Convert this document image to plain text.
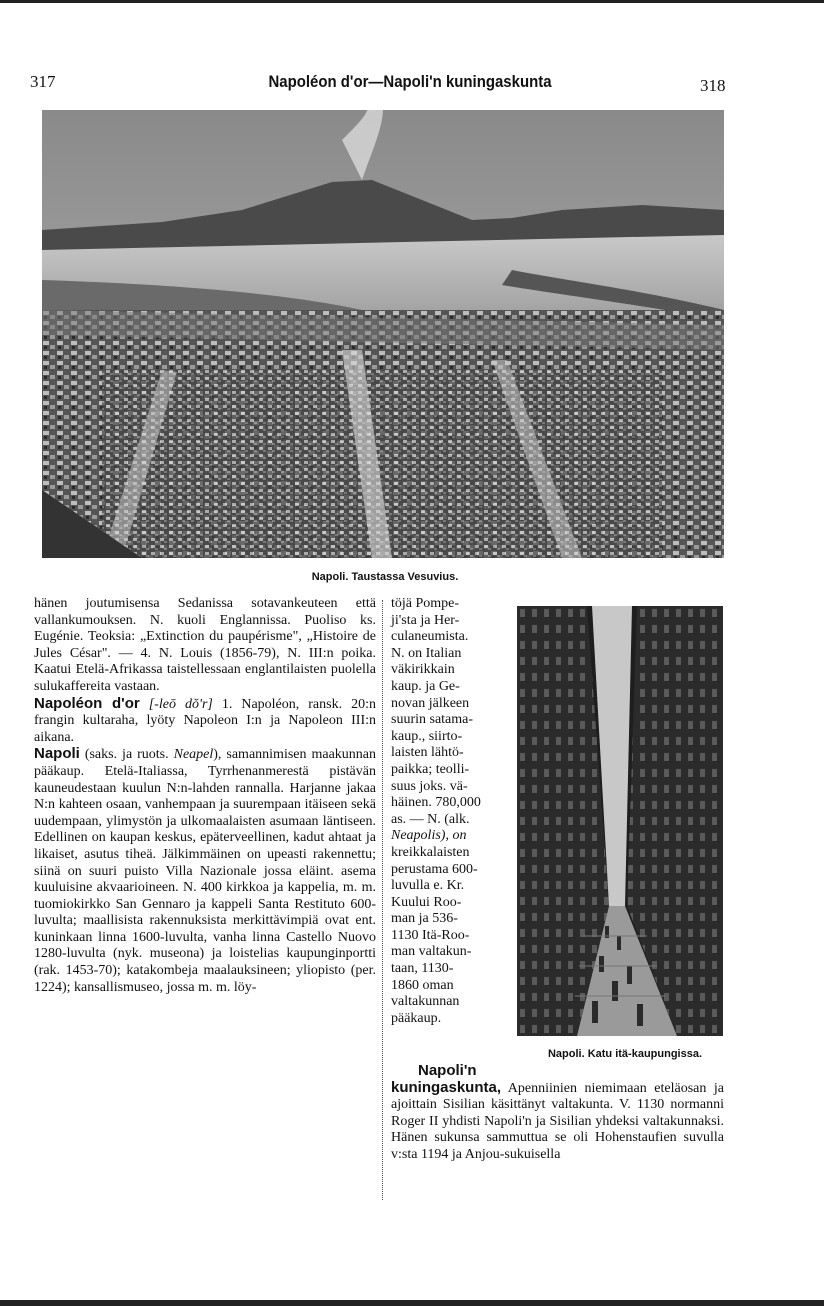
317	Napoléon d'or—Napoli'n kuningaskunta	318
Napoli. Taustassa Vesuvius.

hänen joutumisensa Sedanissa sotavankeuteen että vallankumouksen. N. kuoli Englannissa. Puoliso ks. Eugénie. Teoksia: „Extinction du paupérisme", „Histoire de Jules César". — 4. N. Louis (1856-79), N. III:n poika. Kaatui Etelä-Afrikassa taistellessaan englantilaisten puolella sulukaffereita vastaan.

Napoléon d'or [-leō dŏ'r] 1. Napoléon, ransk. 20:n frangin kultaraha, lyöty Napoleon I:n ja Napoleon III:n aikana.

Napoli (saks. ja ruots. Neapel), samannimisen maakunnan pääkaup. Etelä-Italiassa, Tyrrhenanmerestä pistävän kauneudestaan kuulun N:n-lahden rannalla. Harjanne jakaa N:n kahteen osaan, vanhempaan ja suurempaan itäiseen sekä uudempaan, ylimystön ja ulkomaalaisten asumaan läntiseen. Edellinen on kaupan keskus, epäterveellinen, kadut ahtaat ja likaiset, asutus tiheä. Jälkimmäinen on upeasti rakennettu; siinä on suuri puisto Villa Nazionale jossa eläint. asema kuuluisine akvaarioineen. N. 400 kirkkoa ja kappelia, m. m. tuomiokirkko San Gennaro ja kappeli Santa Restituto 600-luvulta; maallisista rakennuksista merkittävimpiä ovat ent. kuninkaan linna 1600-luvulta, vanha linna Castello Nuovo 1280-luvulta (nyk. museona) ja loistelias kaupunginportti (rak. 1453-70); katakombeja maalauksineen; yliopisto (per. 1224); kansallismuseo, jossa m. m. löy-

töjä Pompe-
ji'sta ja Her-
culaneumista.
N. on Italian
väkirikkain
kaup. ja Ge-
novan jälkeen
suurin satama-
kaup., siirto-
laisten lähtö-
paikka; teolli-
suus joks. vä-
häinen. 780,000
as. — N. (alk.
Neapolis), on
kreikkalaisten
perustama 600-
luvulla e. Kr.
Kuului Roo-
man ja 536-
1130 Itä-Roo-
man valtakun-
taan, 1130-
1860 oman
valtakunnan
pääkaup.
Napoli. Katu itä-kaupungissa.
Napoli'n
kuningaskunta, Apenniinien niemimaan eteläosan ja ajoittain Sisilian käsittänyt valtakunta. V. 1130 normanni Roger II yhdisti Napoli'n ja Sisilian yhdeksi valtakunnaksi. Hänen sukunsa sammuttua se oli Hohenstaufien suvulla v:sta 1194 ja Anjou-sukuisella
